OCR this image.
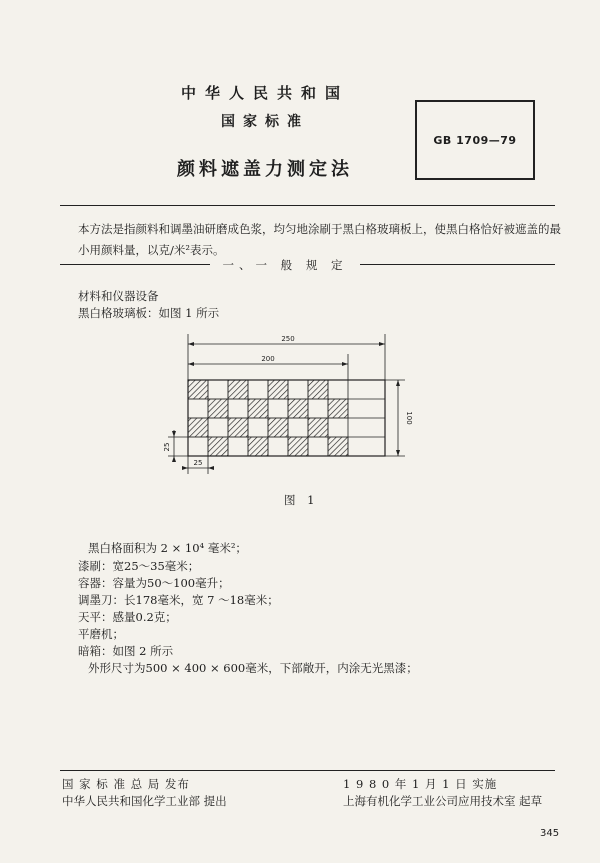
中华人民共和国
国家标准
颜料遮盖力测定法
GB 1709—79
本方法是指颜料和调墨油研磨成色浆，均匀地涂刷于黑白格玻璃板上，使黑白格恰好被遮盖的最小用颜料量，以克/米²表示。
一、一 般 规 定
材料和仪器设备
黑白格玻璃板：如图 1 所示
250
200
100
25
25
图 1
黑白格面积为 2 × 10⁴ 毫米²；
漆刷：宽25～35毫米；
容器：容量为50～100毫升；
调墨刀：长178毫米，宽 7 ～18毫米；
天平：感量0.2克；
平磨机；
暗箱：如图 2 所示
外形尺寸为500 × 400 × 600毫米，下部敞开，内涂无光黑漆；
国 家 标 准 总 局 发布	1 9 8 0 年 1 月 1 日 实施
中华人民共和国化学工业部 提出	上海有机化学工业公司应用技术室 起草
345
